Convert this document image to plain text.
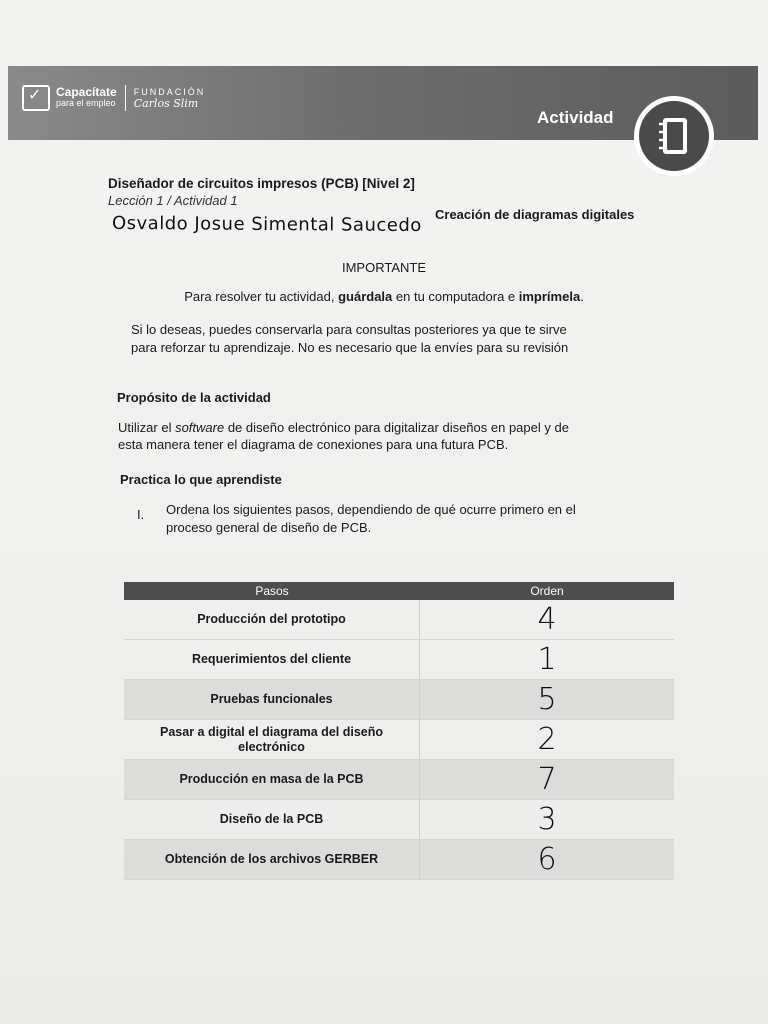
✓
Capacítate
para el empleo
FUNDACIÓN
Carlos Slim
Actividad
Diseñador de circuitos impresos (PCB) [Nivel 2]
Lección 1 / Actividad 1
Osvaldo Josue Simental Saucedo Creación de diagramas digitales
IMPORTANTE
Para resolver tu actividad, guárdala en tu computadora e imprímela.
Si lo deseas, puedes conservarla para consultas posteriores ya que te sirve
para reforzar tu aprendizaje. No es necesario que la envíes para su revisión
Propósito de la actividad
Utilizar el software de diseño electrónico para digitalizar diseños en papel y de
esta manera tener el diagrama de conexiones para una futura PCB.
Practica lo que aprendiste
I. Ordena los siguientes pasos, dependiendo de qué ocurre primero en el
proceso general de diseño de PCB.
Pasos	Orden
Producción del prototipo	4
Requerimientos del cliente	1
Pruebas funcionales	5
Pasar a digital el diagrama del diseño electrónico	2
Producción en masa de la PCB	7
Diseño de la PCB	3
Obtención de los archivos GERBER	6
